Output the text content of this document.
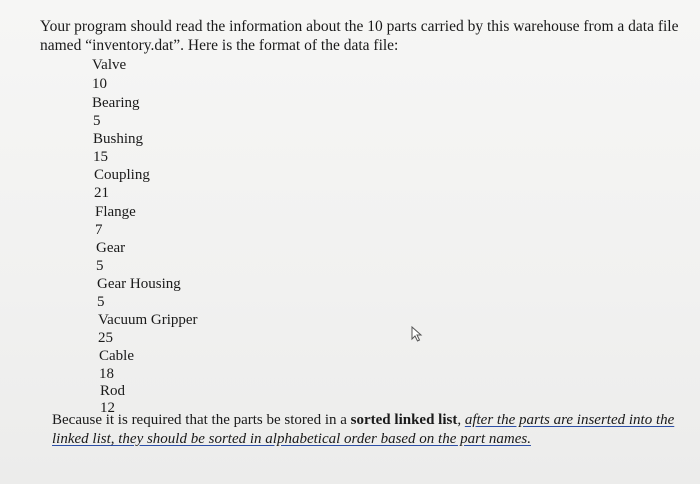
Your program should read the information about the 10 parts carried by this warehouse from a data file
named “inventory.dat”. Here is the format of the data file:

Valve
10
Bearing
5
Bushing
15
Coupling
21
Flange
7
Gear
5
Gear Housing
5
Vacuum Gripper
25
Cable
18
Rod
12

Because it is required that the parts be stored in a sorted linked list, after the parts are inserted into the
linked list, they should be sorted in alphabetical order based on the part names.
